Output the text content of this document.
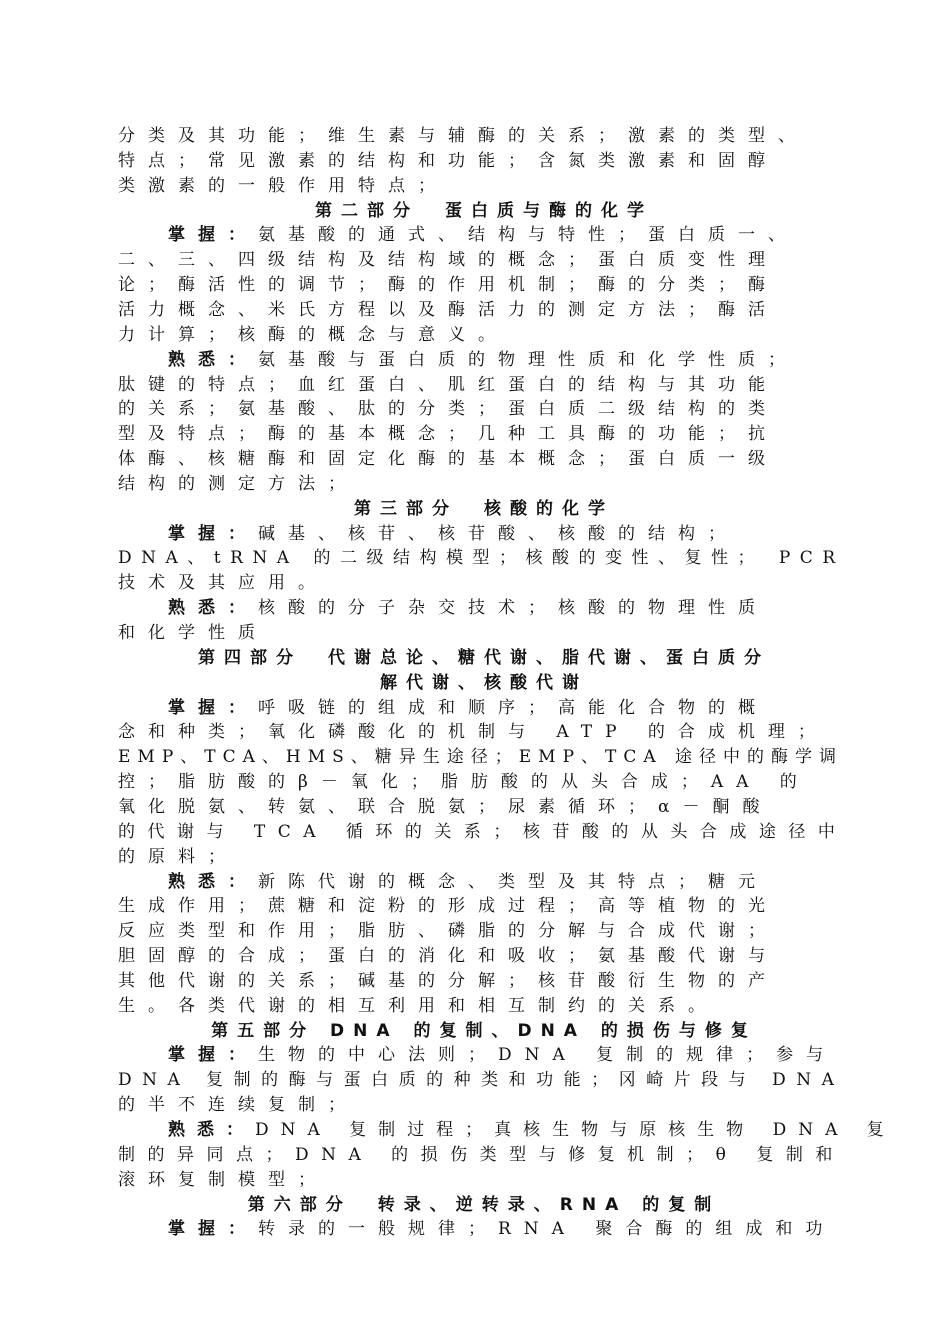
分类及其功能；维生素与辅酶的关系；激素的类型、
特点；常见激素的结构和功能；含氮类激素和固醇
类激素的一般作用特点；
第二部分　蛋白质与酶的化学
掌握：氨基酸的通式、结构与特性；蛋白质一、
二、三、四级结构及结构域的概念；蛋白质变性理
论；酶活性的调节；酶的作用机制；酶的分类；酶
活力概念、米氏方程以及酶活力的测定方法；酶活
力计算；核酶的概念与意义。
熟悉：氨基酸与蛋白质的物理性质和化学性质；
肽键的特点；血红蛋白、肌红蛋白的结构与其功能
的关系；氨基酸、肽的分类；蛋白质二级结构的类
型及特点；酶的基本概念；几种工具酶的功能；抗
体酶、核糖酶和固定化酶的基本概念；蛋白质一级
结构的测定方法；
第三部分　核酸的化学
掌握：碱基、核苷、核苷酸、核酸的结构；
DNA、tRNA 的二级结构模型；核酸的变性、复性； PCR
技术及其应用。
熟悉：核酸的分子杂交技术；核酸的物理性质
和化学性质
第四部分　代谢总论、糖代谢、脂代谢、蛋白质分
解代谢、核酸代谢
掌握：呼吸链的组成和顺序；高能化合物的概
念和种类；氧化磷酸化的机制与 ATP 的合成机理；
EMP、TCA、HMS、糖异生途径；EMP、TCA 途径中的酶学调
控；脂肪酸的β－氧化；脂肪酸的从头合成；AA 的
氧化脱氨、转氨、联合脱氨；尿素循环；α－酮酸
的代谢与 TCA 循环的关系；核苷酸的从头合成途径中
的原料；
熟悉：新陈代谢的概念、类型及其特点；糖元
生成作用；蔗糖和淀粉的形成过程；高等植物的光
反应类型和作用；脂肪、磷脂的分解与合成代谢；
胆固醇的合成；蛋白的消化和吸收；氨基酸代谢与
其他代谢的关系；碱基的分解；核苷酸衍生物的产
生。各类代谢的相互利用和相互制约的关系。
第五部分 DNA 的复制、DNA 的损伤与修复
掌握：生物的中心法则；DNA 复制的规律；参与
DNA 复制的酶与蛋白质的种类和功能；冈崎片段与 DNA
的半不连续复制；
熟悉：DNA 复制过程；真核生物与原核生物 DNA 复
制的异同点；DNA 的损伤类型与修复机制；θ 复制和
滚环复制模型；
第六部分　转录、逆转录、RNA 的复制
掌握：转录的一般规律；RNA 聚合酶的组成和功
